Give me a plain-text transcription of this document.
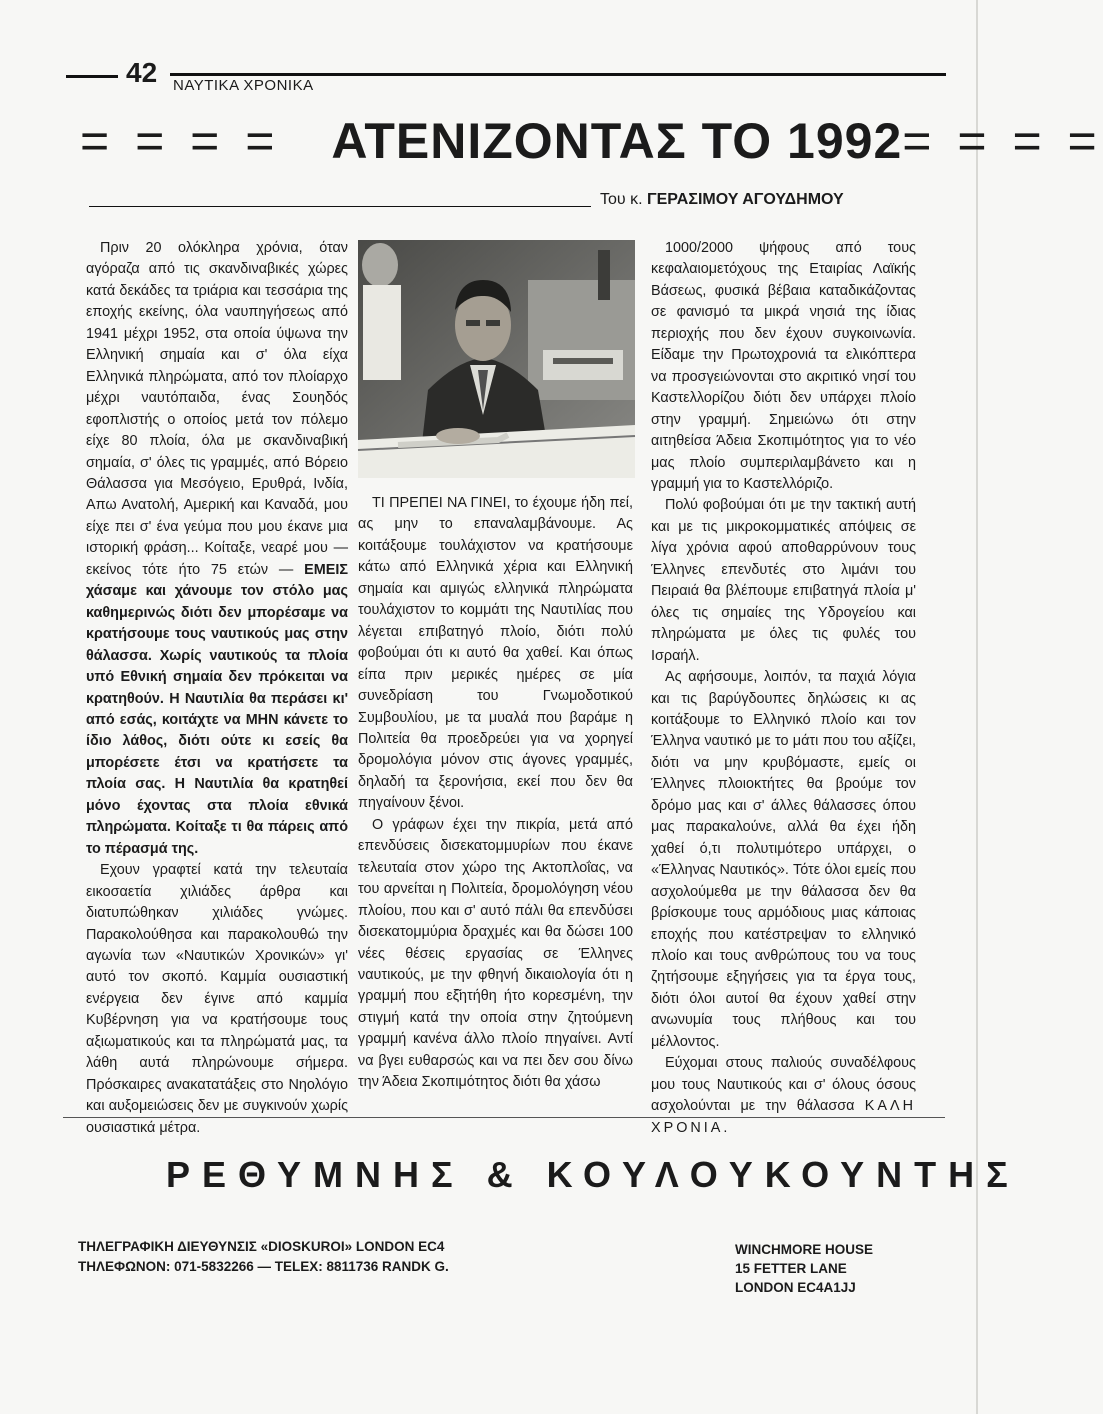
42 ΝΑΥΤΙΚΑ ΧΡΟΝΙΚΑ
= = = = ΑΤΕΝΙΖΟΝΤΑΣ ΤΟ 1992= = = =
Του κ. ΓΕΡΑΣΙΜΟΥ ΑΓΟΥΔΗΜΟΥ

Πριν 20 ολόκληρα χρόνια, όταν αγόραζα από τις σκανδιναβικές χώρες κατά δεκάδες τα τριάρια και τεσσάρια της εποχής εκείνης, όλα ναυπηγήσεως από 1941 μέχρι 1952, στα οποία ύψωνα την Ελληνική σημαία και σ' όλα είχα Ελληνικά πληρώματα, από τον πλοίαρχο μέχρι ναυτόπαιδα, ένας Σουηδός εφοπλιστής ο οποίος μετά τον πόλεμο είχε 80 πλοία, όλα με σκανδιναβική σημαία, σ' όλες τις γραμμές, από Βόρειο Θάλασσα για Μεσόγειο, Ερυθρά, Ινδία, Απω Ανατολή, Αμερική και Καναδά, μου είχε πει σ' ένα γεύμα που μου έκανε μια ιστορική φράση... Κοίταξε, νεαρέ μου — εκείνος τότε ήτο 75 ετών — ΕΜΕΙΣ χάσαμε και χάνουμε τον στόλο μας καθημερινώς διότι δεν μπορέσαμε να κρατήσουμε τους ναυτικούς μας στην θάλασσα. Χωρίς ναυτικούς τα πλοία υπό Εθνική σημαία δεν πρόκειται να κρατηθούν. Η Ναυτιλία θα περάσει κι' από εσάς, κοιτάχτε να ΜΗΝ κάνετε το ίδιο λάθος, διότι ούτε κι εσείς θα μπορέσετε έτσι να κρατήσετε τα πλοία σας. Η Ναυτιλία θα κρατηθεί μόνο έχοντας στα πλοία εθνικά πληρώματα. Κοίταξε τι θα πάρεις από το πέρασμά της.

Εχουν γραφτεί κατά την τελευταία εικοσαετία χιλιάδες άρθρα και διατυπώθηκαν χιλιάδες γνώμες. Παρακολούθησα και παρακολουθώ την αγωνία των «Ναυτικών Χρονικών» γι' αυτό τον σκοπό. Καμμία ουσιαστική ενέργεια δεν έγινε από καμμία Κυβέρνηση για να κρατήσουμε τους αξιωματικούς και τα πληρώματά μας, τα λάθη αυτά πληρώνουμε σήμερα. Πρόσκαιρες ανακατατάξεις στο Νηολόγιο και αυξομειώσεις δεν με συγκινούν χωρίς ουσιαστικά μέτρα.

ΤΙ ΠΡΕΠΕΙ ΝΑ ΓΙΝΕΙ, το έχουμε ήδη πεί, ας μην το επαναλαμβάνουμε. Ας κοιτάξουμε τουλάχιστον να κρατήσουμε κάτω από Ελληνικά χέρια και Ελληνική σημαία και αμιγώς ελληνικά πληρώματα τουλάχιστον το κομμάτι της Ναυτιλίας που λέγεται επιβατηγό πλοίο, διότι πολύ φοβούμαι ότι κι αυτό θα χαθεί. Και όπως είπα πριν μερικές ημέρες σε μία συνεδρίαση του Γνωμοδοτικού Συμβουλίου, με τα μυαλά που βαράμε η Πολιτεία θα προεδρεύει για να χορηγεί δρομολόγια μόνον στις άγονες γραμμές, δηλαδή τα ξερονήσια, εκεί που δεν θα πηγαίνουν ξένοι.

Ο γράφων έχει την πικρία, μετά από επενδύσεις δισεκατομμυρίων που έκανε τελευταία στον χώρο της Ακτοπλοΐας, να του αρνείται η Πολιτεία, δρομολόγηση νέου πλοίου, που και σ' αυτό πάλι θα επενδύσει δισεκατομμύρια δραχμές και θα δώσει 100 νέες θέσεις εργασίας σε Έλληνες ναυτικούς, με την φθηνή δικαιολογία ότι η γραμμή που εξ͂ητήθη ήτο κορεσμένη, την στιγμή κατά την οποία στην ζητούμενη γραμμή κανένα άλλο πλοίο πηγαίνει. Αντί να βγει ευθαρσώς και να πει δεν σου δίνω την Άδεια Σκοπιμότητος διότι θα χάσω

1000/2000 ψήφους από τους κεφαλαιομετόχους της Εταιρίας Λαϊκής Βάσεως, φυσικά βέβαια καταδικάζοντας σε φανισμό τα μικρά νησιά της ίδιας περιοχής που δεν έχουν συγκοινωνία. Είδαμε την Πρωτοχρονιά τα ελικόπτερα να προσγειώνονται στο ακριτικό νησί του Καστελλορίζου διότι δεν υπάρχει πλοίο στην γραμμή. Σημειώνω ότι στην αιτηθείσα Άδεια Σκοπιμότητος για το νέο μας πλοίο συμπεριλαμβάνετο και η γραμμή για το Καστελλόριζο.

Πολύ φοβούμαι ότι με την τακτική αυτή και με τις μικροκομματικές απόψεις σε λίγα χρόνια αφού αποθαρρύνουν τους Έλληνες επενδυτές στο λιμάνι του Πειραιά θα βλέπουμε επιβατηγά πλοία μ' όλες τις σημαίες της Υδρογείου και πληρώματα με όλες τις φυλές του Ισραήλ.

Ας αφήσουμε, λοιπόν, τα παχιά λόγια και τις βαρύγδουπες δηλώσεις κι ας κοιτάξουμε το Ελληνικό πλοίο και τον Έλληνα ναυτικό με το μάτι που του αξίζει, διότι να μην κρυβόμαστε, εμείς οι Έλληνες πλοιοκτήτες θα βρούμε τον δρόμο μας και σ' άλλες θάλασσες όπου μας παρακαλούνε, αλλά θα έχει ήδη χαθεί ό,τι πολυτιμότερο υπάρχει, ο «Έλληνας Ναυτικός». Τότε όλοι εμείς που ασχολούμεθα με την θάλασσα δεν θα βρίσκουμε τους αρμόδιους μιας κάποιας εποχής που κατέστρεψαν το ελληνικό πλοίο και τους ανθρώπους του να τους ζητήσουμε εξηγήσεις για τα έργα τους, διότι όλοι αυτοί θα έχουν χαθεί στην ανωνυμία τους πλήθους και του μέλλοντος.

Εύχομαι στους παλιούς συναδέλφους μου τους Ναυτικούς και σ' όλους όσους ασχολούνται με την θάλασσα ΚΑΛΗ ΧΡΟΝΙΑ.

ΡΕΘΥΜΝΗΣ & ΚΟΥΛΟΥΚΟΥΝΤΗΣ
ΤΗΛΕΓΡΑΦΙΚΗ ΔΙΕΥΘΥΝΣΙΣ «DIOSKUROI» LONDON EC4
ΤΗΛΕΦΩΝΟΝ: 071-5832266 — TELEX: 8811736 RANDK G.
WINCHMORE HOUSE
15 FETTER LANE
LONDON EC4A1JJ
